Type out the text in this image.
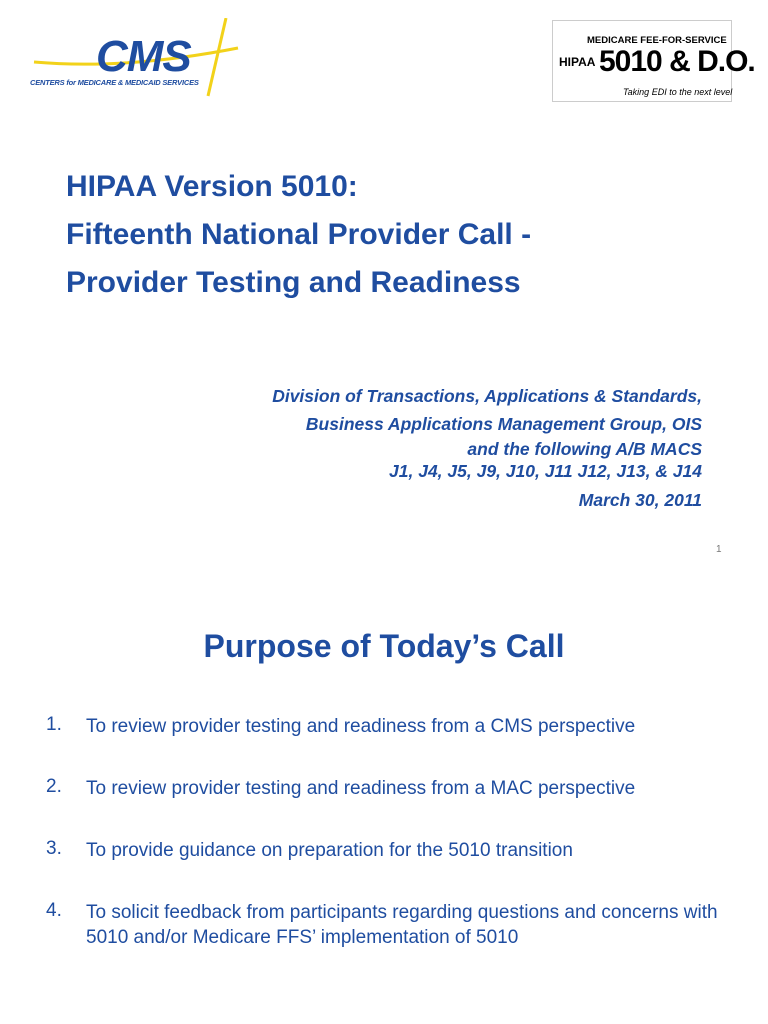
CMS
CENTERS for MEDICARE & MEDICAID SERVICES
MEDICARE FEE-FOR-SERVICE
HIPAA 5010 & D.O.
Taking EDI to the next level
HIPAA Version 5010:
Fifteenth National Provider Call -
Provider Testing and Readiness
Division of Transactions, Applications & Standards,
Business Applications Management Group, OIS
and the following A/B MACS
J1, J4, J5, J9, J10, J11 J12, J13, & J14
March 30, 2011
1
Purpose of Today’s Call
1. To review provider testing and readiness from a CMS perspective
2. To review provider testing and readiness from a MAC perspective
3. To provide guidance on preparation for the 5010 transition
4. To solicit feedback from participants regarding questions and concerns with 5010 and/or Medicare FFS’ implementation of 5010
